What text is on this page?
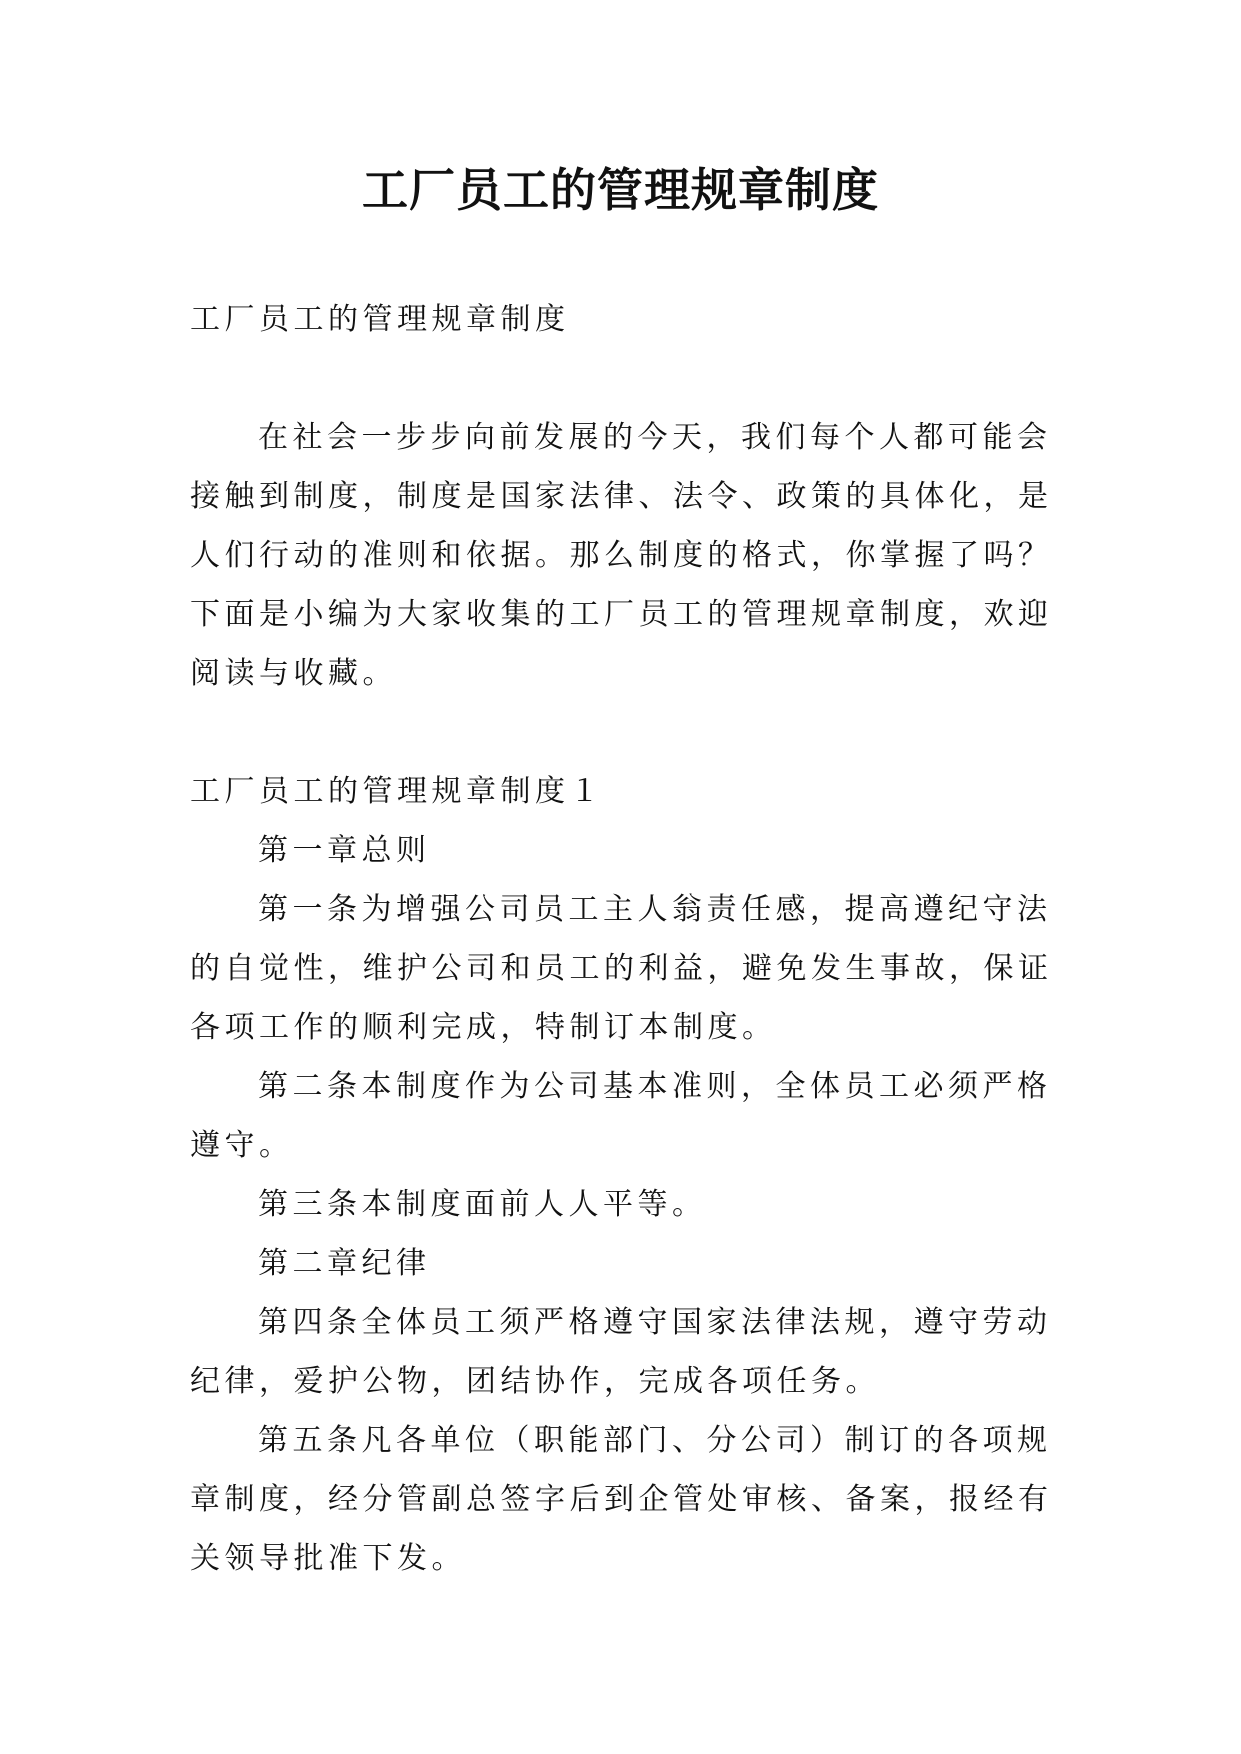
工厂员工的管理规章制度

工厂员工的管理规章制度

在社会一步步向前发展的今天，我们每个人都可能会接触到制度，制度是国家法律、法令、政策的具体化，是人们行动的准则和依据。那么制度的格式，你掌握了吗？下面是小编为大家收集的工厂员工的管理规章制度，欢迎阅读与收藏。

工厂员工的管理规章制度１

第一章总则

第一条为增强公司员工主人翁责任感，提高遵纪守法的自觉性，维护公司和员工的利益，避免发生事故，保证各项工作的顺利完成，特制订本制度。

第二条本制度作为公司基本准则，全体员工必须严格遵守。

第三条本制度面前人人平等。

第二章纪律

第四条全体员工须严格遵守国家法律法规，遵守劳动纪律，爱护公物，团结协作，完成各项任务。

第五条凡各单位（职能部门、分公司）制订的各项规章制度，经分管副总签字后到企管处审核、备案，报经有关领导批准下发。
